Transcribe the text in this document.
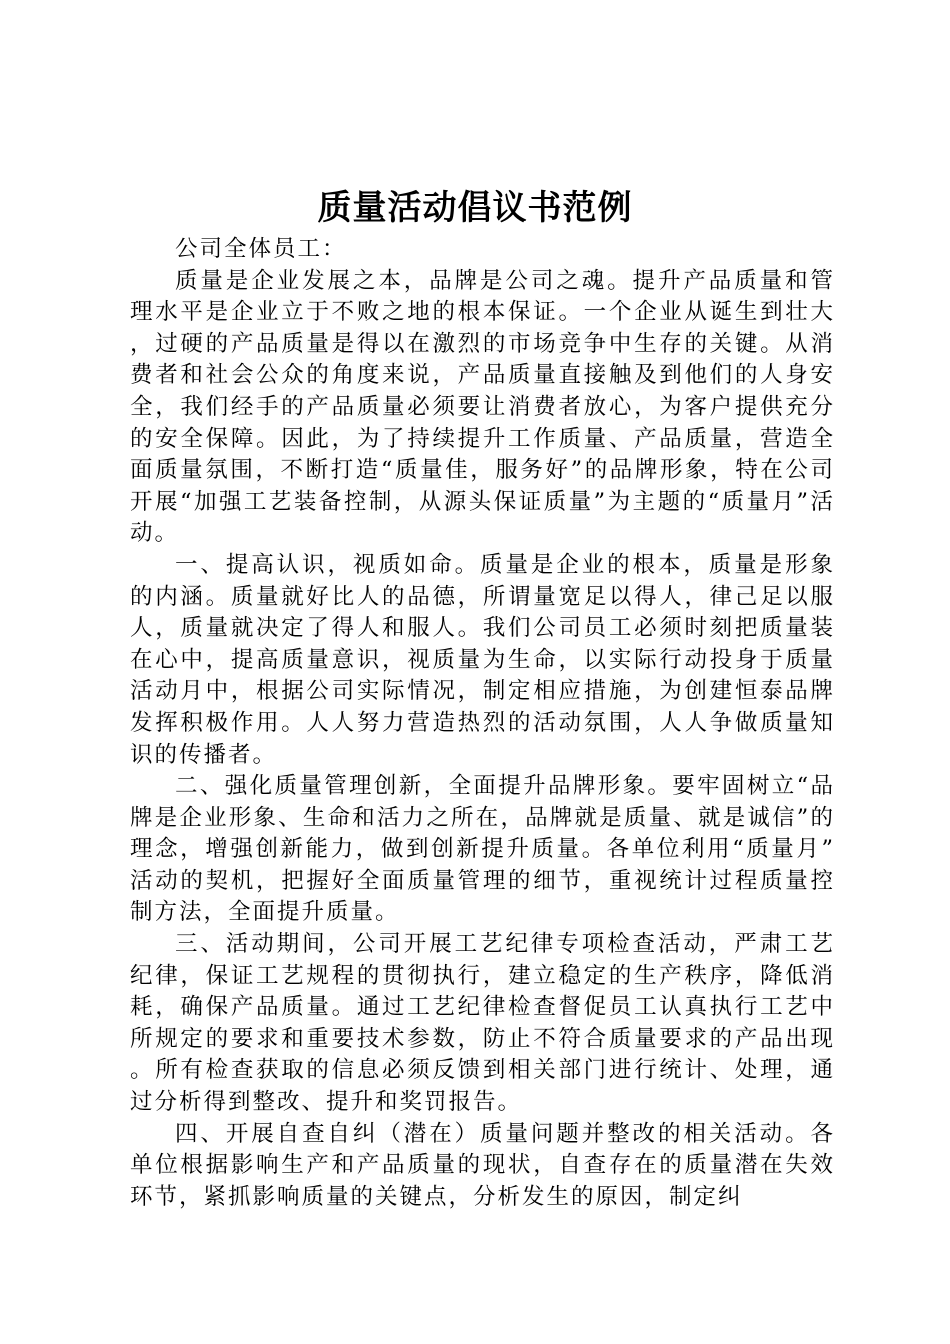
质量活动倡议书范例

公司全体员工：

质量是企业发展之本，品牌是公司之魂。提升产品质量和管理水平是企业立于不败之地的根本保证。一个企业从诞生到壮大，过硬的产品质量是得以在激烈的市场竞争中生存的关键。从消费者和社会公众的角度来说，产品质量直接触及到他们的人身安全，我们经手的产品质量必须要让消费者放心，为客户提供充分的安全保障。因此，为了持续提升工作质量、产品质量，营造全面质量氛围，不断打造“质量佳，服务好”的品牌形象，特在公司开展“加强工艺装备控制，从源头保证质量”为主题的“质量月”活动。

一、提高认识，视质如命。质量是企业的根本，质量是形象的内涵。质量就好比人的品德，所谓量宽足以得人，律己足以服人，质量就决定了得人和服人。我们公司员工必须时刻把质量装在心中，提高质量意识，视质量为生命，以实际行动投身于质量活动月中，根据公司实际情况，制定相应措施，为创建恒泰品牌发挥积极作用。人人努力营造热烈的活动氛围，人人争做质量知识的传播者。

二、强化质量管理创新，全面提升品牌形象。要牢固树立“品牌是企业形象、生命和活力之所在，品牌就是质量、就是诚信”的理念，增强创新能力，做到创新提升质量。各单位利用“质量月”活动的契机，把握好全面质量管理的细节，重视统计过程质量控制方法，全面提升质量。

三、活动期间，公司开展工艺纪律专项检查活动，严肃工艺纪律，保证工艺规程的贯彻执行，建立稳定的生产秩序，降低消耗，确保产品质量。通过工艺纪律检查督促员工认真执行工艺中所规定的要求和重要技术参数，防止不符合质量要求的产品出现。所有检查获取的信息必须反馈到相关部门进行统计、处理，通过分析得到整改、提升和奖罚报告。

四、开展自查自纠（潜在）质量问题并整改的相关活动。各单位根据影响生产和产品质量的现状，自查存在的质量潜在失效环节，紧抓影响质量的关键点，分析发生的原因，制定纠
